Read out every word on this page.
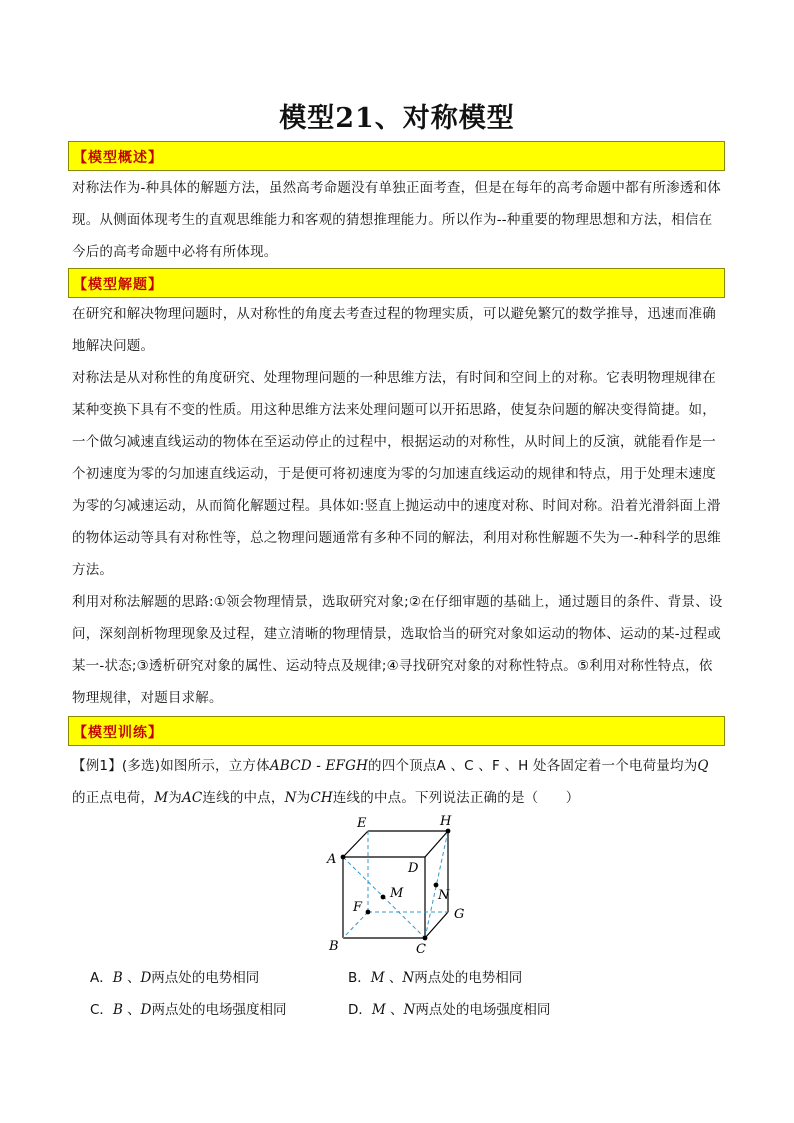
模型21、对称模型
【模型概述】

对称法作为-种具体的解题方法，虽然高考命题没有单独正面考查，但是在每年的高考命题中都有所渗透和体现。从侧面体现考生的直观思维能力和客观的猜想推理能力。所以作为--种重要的物理思想和方法，相信在今后的高考命题中必将有所体现。

【模型解题】

在研究和解决物理问题时，从对称性的角度去考查过程的物理实质，可以避免繁冗的数学推导，迅速而准确地解决问题。

对称法是从对称性的角度研究、处理物理问题的一种思维方法，有时间和空间上的对称。它表明物理规律在某种变换下具有不变的性质。用这种思维方法来处理问题可以开拓思路，使复杂问题的解决变得简捷。如，一个做匀减速直线运动的物体在至运动停止的过程中，根据运动的对称性，从时间上的反演，就能看作是一个初速度为零的匀加速直线运动，于是便可将初速度为零的匀加速直线运动的规律和特点，用于处理末速度为零的匀减速运动，从而简化解题过程。具体如:竖直上抛运动中的速度对称、时间对称。沿着光滑斜面上滑的物体运动等具有对称性等，总之物理问题通常有多种不同的解法，利用对称性解题不失为一-种科学的思维方法。

利用对称法解题的思路:①领会物理情景，选取研究对象;②在仔细审题的基础上，通过题目的条件、背景、设问，深刻剖析物理现象及过程，建立清晰的物理情景，选取恰当的研究对象如运动的物体、运动的某-过程或某一-状态;③透析研究对象的属性、运动特点及规律;④寻找研究对象的对称性特点。⑤利用对称性特点，依物理规律，对题目求解。

【模型训练】
【例1】(多选)如图所示，立方体ABCD - EFGH的四个顶点A 、C 、F 、H 处各固定着一个电荷量均为Q
的正点电荷，M为AC连线的中点，N为CH连线的中点。下列说法正确的是（　　）
E	H
A
D
M	N
F	G
B	C
A．B 、D两点处的电势相同	B．M 、N两点处的电势相同
C．B 、D两点处的电场强度相同	D．M 、N两点处的电场强度相同
